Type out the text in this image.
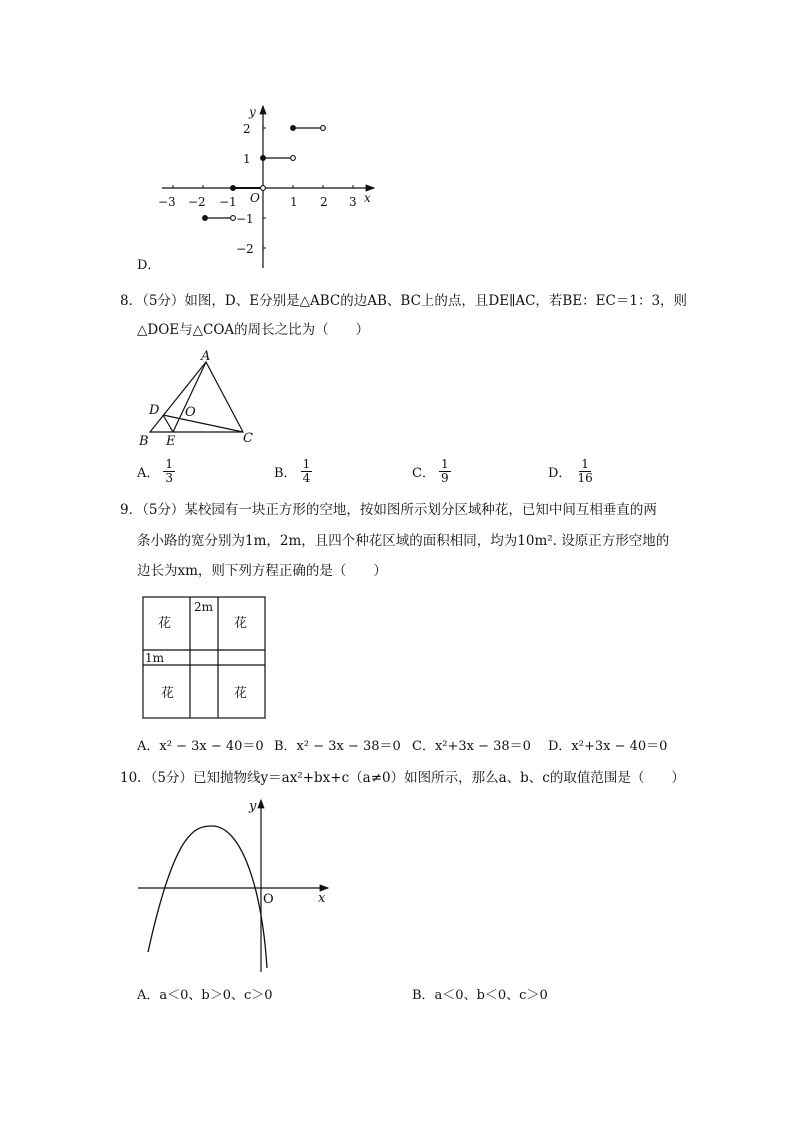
−3 −2 −1	1 2 3
2
1
−1
−2
O	x
y
D．
8．（5分）如图，D、E分别是△ABC的边AB、BC上的点，且DE∥AC，若BE：EC＝1：3，则
△DOE与△COA的周长之比为（　　）
A
D O
B E	C
A． $\frac{1}{3}$	B． $\frac{1}{4}$	C． $\frac{1}{9}$	D． $\frac{1}{16}$
9．（5分）某校园有一块正方形的空地，按如图所示划分区域种花，已知中间互相垂直的两
条小路的宽分别为1m，2m，且四个种花区域的面积相同，均为10m². 设原正方形空地的
边长为xm，则下列方程正确的是（　　）
花	花
花	花
2m
1m
A．x² − 3x − 40＝0 B．x² − 3x − 38＝0 C．x²+3x − 38＝0 D．x²+3x − 40＝0
10．（5分）已知抛物线y＝ax²+bx+c（a≠0）如图所示，那么a、b、c的取值范围是（　　）
y
x
O
A．a＜0、b＞0、c＞0	B．a＜0、b＜0、c＞0
